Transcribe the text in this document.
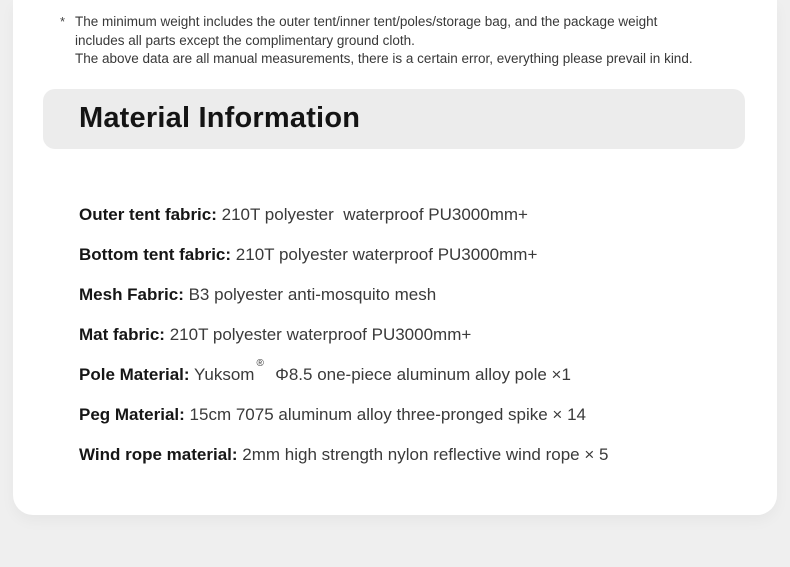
* The minimum weight includes the outer tent/inner tent/poles/storage bag, and the package weight
includes all parts except the complimentary ground cloth.
The above data are all manual measurements, there is a certain error, everything please prevail in kind.
Material Information
Outer tent fabric: 210T polyester  waterproof PU3000mm+
Bottom tent fabric: 210T polyester waterproof PU3000mm+
Mesh Fabric: B3 polyester anti-mosquito mesh
Mat fabric: 210T polyester waterproof PU3000mm+
Pole Material: Yuksom®  Φ8.5 one-piece aluminum alloy pole ×1
Peg Material: 15cm 7075 aluminum alloy three-pronged spike × 14
Wind rope material: 2mm high strength nylon reflective wind rope × 5
